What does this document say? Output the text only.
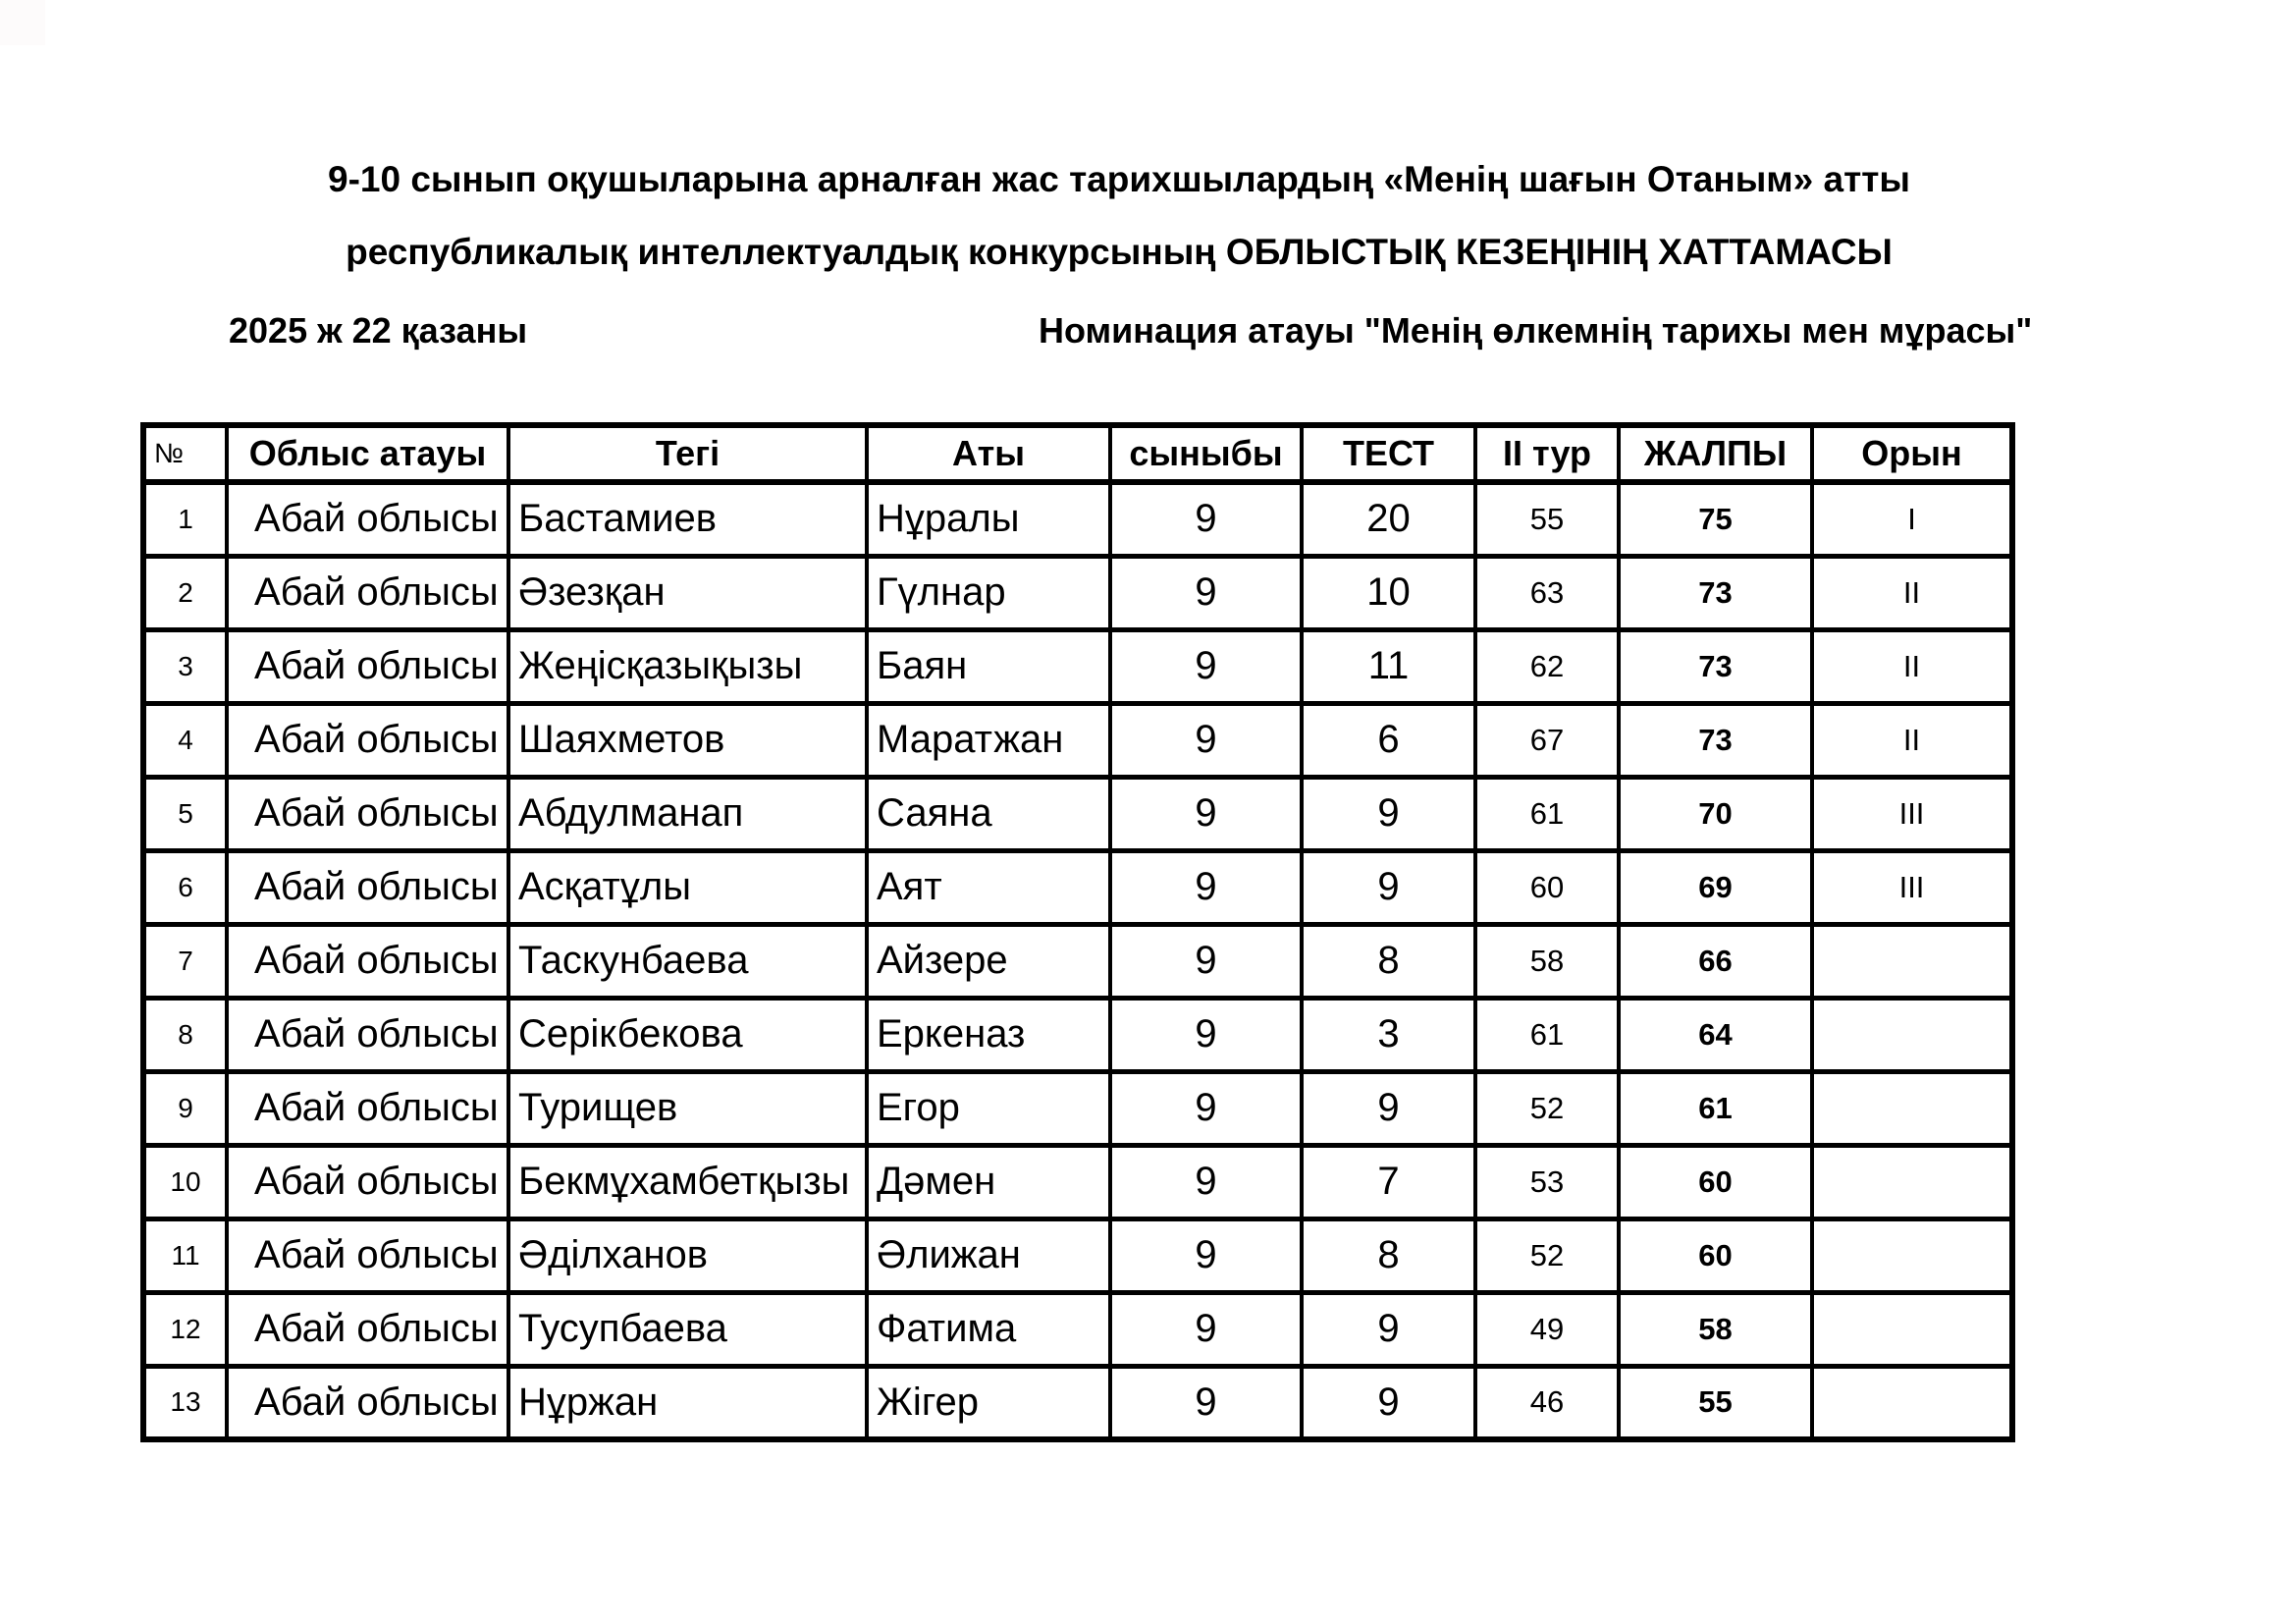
9-10 сынып оқушыларына арналған жас тарихшылардың «Менің шағын Отаным» атты
республикалық интеллектуалдық конкурсының ОБЛЫСТЫҚ КЕЗЕҢІНІҢ ХАТТАМАСЫ
2025 ж 22 қазаны	Номинация атауы "Менің өлкемнің тарихы мен мұрасы"
№	Облыс атауы	Тегі	Аты	сыныбы	ТЕСТ	II тур	ЖАЛПЫ	Орын
1	Абай облысы	Бастамиев	Нұралы	9	20	55	75	I
2	Абай облысы	Әзезқан	Гүлнар	9	10	63	73	II
3	Абай облысы	Жеңісқазықызы	Баян	9	11	62	73	II
4	Абай облысы	Шаяхметов	Маратжан	9	6	67	73	II
5	Абай облысы	Абдулманап	Саяна	9	9	61	70	III
6	Абай облысы	Асқатұлы	Аят	9	9	60	69	III
7	Абай облысы	Таскунбаева	Айзере	9	8	58	66	
8	Абай облысы	Серікбекова	Еркеназ	9	3	61	64	
9	Абай облысы	Турищев	Егор	9	9	52	61	
10	Абай облысы	Бекмұхамбетқызы	Дәмен	9	7	53	60	
11	Абай облысы	Әділханов	Әлижан	9	8	52	60	
12	Абай облысы	Тусупбаева	Фатима	9	9	49	58	
13	Абай облысы	Нұржан	Жігер	9	9	46	55	
